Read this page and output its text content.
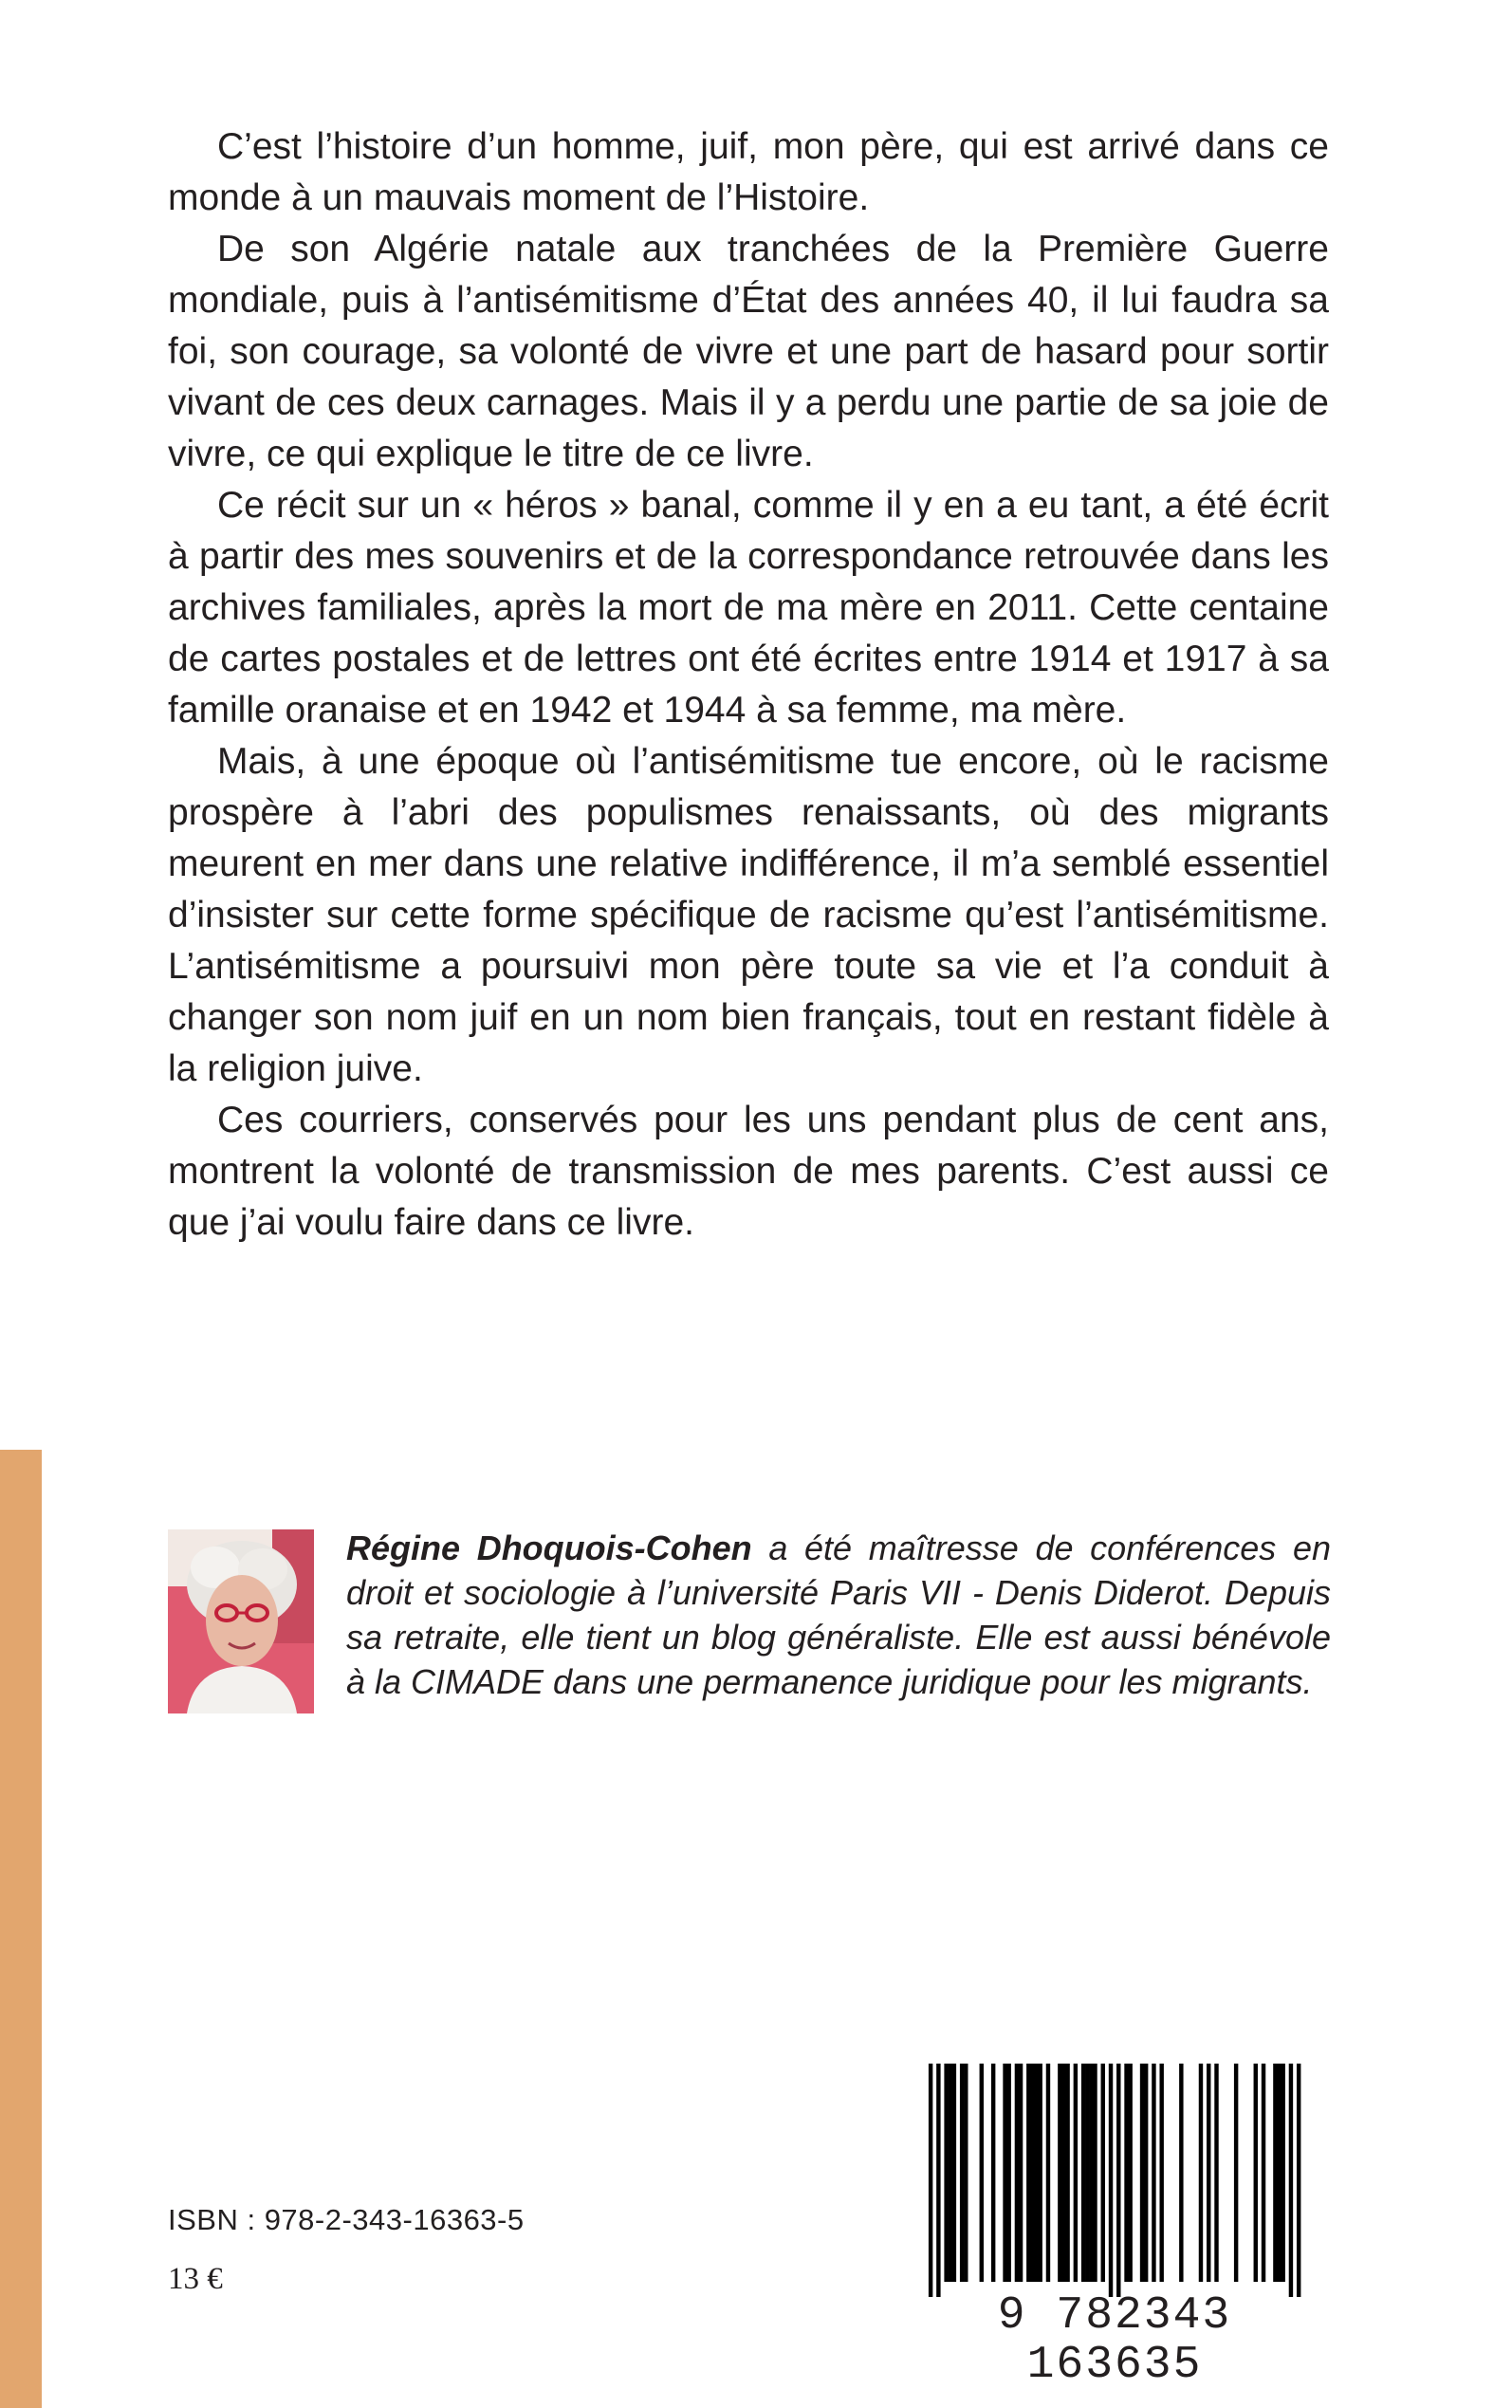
C’est l’histoire d’un homme, juif, mon père, qui est arrivé dans ce monde à un mauvais moment de l’Histoire.

De son Algérie natale aux tranchées de la Première Guerre mondiale, puis à l’antisémitisme d’État des années 40, il lui faudra sa foi, son courage, sa volonté de vivre et une part de hasard pour sortir vivant de ces deux carnages. Mais il y a perdu une partie de sa joie de vivre, ce qui explique le titre de ce livre.

Ce récit sur un « héros » banal, comme il y en a eu tant, a été écrit à partir des mes souvenirs et de la correspondance retrouvée dans les archives familiales, après la mort de ma mère en 2011. Cette centaine de cartes postales et de lettres ont été écrites entre 1914 et 1917 à sa famille oranaise et en 1942 et 1944 à sa femme, ma mère.

Mais, à une époque où l’antisémitisme tue encore, où le racisme prospère à l’abri des populismes renaissants, où des migrants meurent en mer dans une relative indifférence, il m’a semblé essentiel d’insister sur cette forme spécifique de racisme qu’est l’antisémitisme. L’antisémitisme a poursuivi mon père toute sa vie et l’a conduit à changer son nom juif en un nom bien français, tout en restant fidèle à la religion juive.

Ces courriers, conservés pour les uns pendant plus de cent ans, montrent la volonté de transmission de mes parents. C’est aussi ce que j’ai voulu faire dans ce livre.

Régine Dhoquois-Cohen a été maîtresse de conférences en droit et sociologie à l’université Paris VII - Denis Diderot. Depuis sa retraite, elle tient un blog généraliste. Elle est aussi bénévole à la CIMADE dans une permanence juridique pour les migrants.

ISBN : 978-2-343-16363-5
13 €
9 782343 163635
